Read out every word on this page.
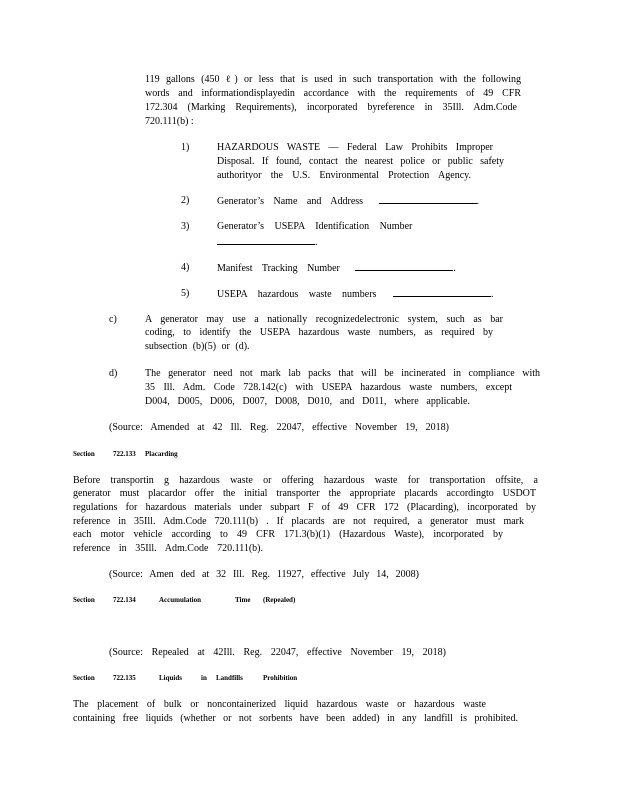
119 gallons (450 ℓ) or less that is used in such transportation with the following
words and informationdisplayedin accordance with the requirements of 49 CFR
172.304 (Marking Requirements), incorporated byreference in 35Ill. Adm.Code
720.111(b) :
1)	HAZARDOUS WASTE — Federal Law Prohibits Improper
Disposal. If found, contact the nearest police or public safety
authorityor the U.S. Environmental Protection Agency.
2)	Generator’s Name and Address	.
3)	Generator’s USEPA Identification Number
.
4)	Manifest Tracking Number	.
5)	USEPA hazardous waste numbers	.
c)	A generator may use a nationally recognizedelectronic system, such as bar
coding, to identify the USEPA hazardous waste numbers, as required by
subsection (b)(5) or (d).
d)	The generator need not mark lab packs that will be incinerated in compliance with
35 Ill. Adm. Code 728.142(c) with USEPA hazardous waste numbers, except
D004, D005, D006, D007, D008, D010, and D011, where applicable.
(Source: Amended at 42 Ill. Reg. 22047, effective November 19, 2018)
Section	722.133 Placarding
Before transportin g hazardous waste or offering hazardous waste for transportation offsite, a
generator must placardor offer the initial transporter the appropriate placards accordingto USDOT
regulations for hazardous materials under subpart F of 49 CFR 172 (Placarding), incorporated by
reference in 35Ill. Adm.Code 720.111(b) . If placards are not required, a generator must mark
each motor vehicle according to 49 CFR 171.3(b)(1) (Hazardous Waste), incorporated by
reference in 35Ill. Adm.Code 720.111(b).
(Source: Amen ded at 32 Ill. Reg. 11927, effective July 14, 2008)
Section	722.134	Accumulation	Time (Repealed)
(Source: Repealed at 42Ill. Reg. 22047, effective November 19, 2018)
Section	722.135	Liquids	in Landfills	Prohibition
The placement of bulk or noncontainerized liquid hazardous waste or hazardous waste
containing free liquids (whether or not sorbents have been added) in any landfill is prohibited.
